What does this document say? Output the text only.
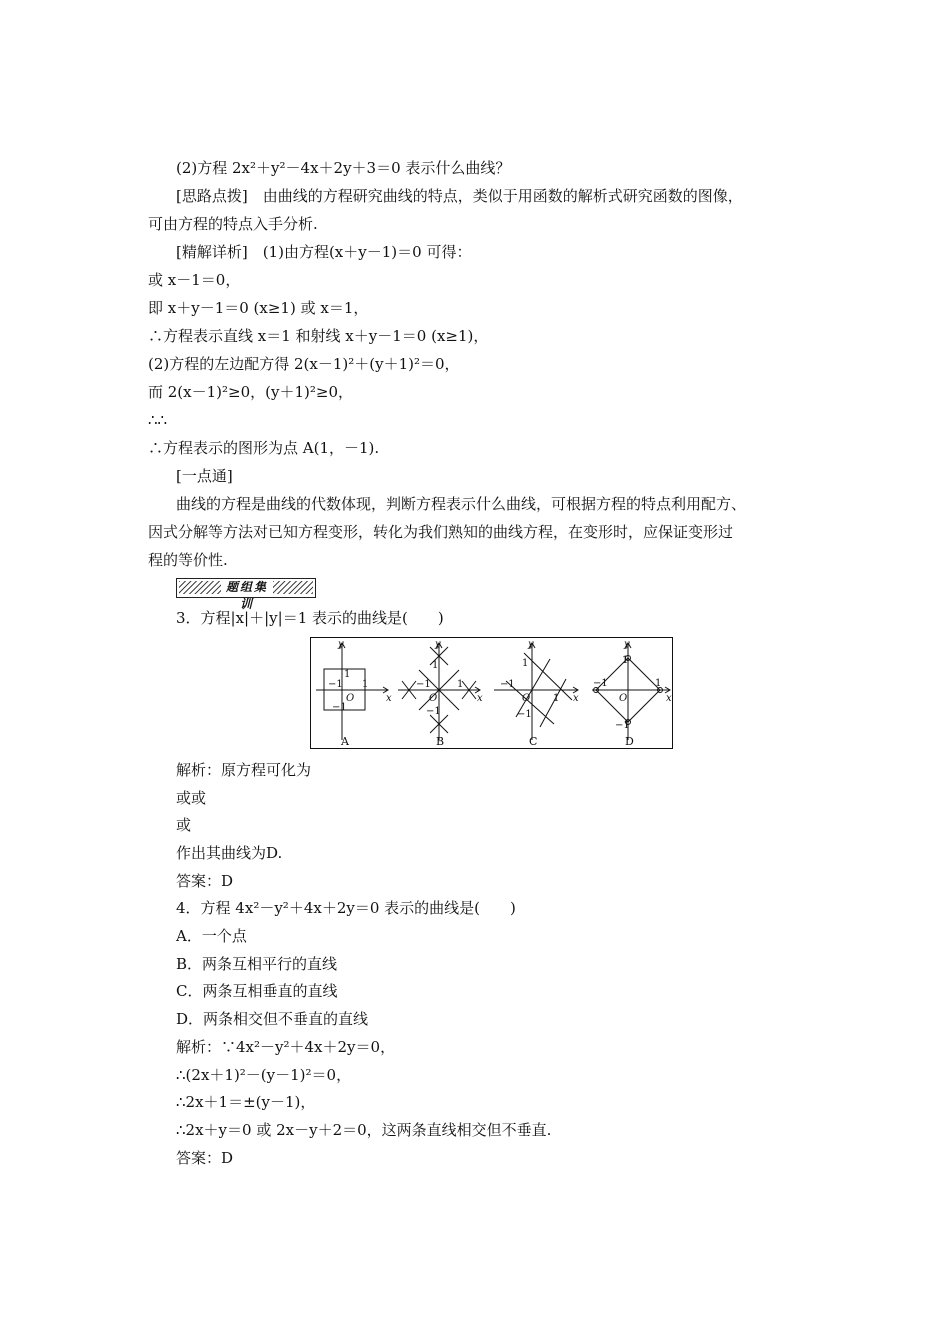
(2)方程 2x²＋y²－4x＋2y＋3＝0 表示什么曲线？
[思路点拨]　由曲线的方程研究曲线的特点，类似于用函数的解析式研究函数的图像，
可由方程的特点入手分析.
[精解详析]　(1)由方程(x＋y－1)＝0 可得：
或 x－1＝0，
即 x＋y－1＝0 (x≥1) 或 x＝1，
∴方程表示直线 x＝1 和射线 x＋y－1＝0 (x≥1)，
(2)方程的左边配方得 2(x－1)²＋(y＋1)²＝0，
而 2(x－1)²≥0，(y＋1)²≥0，
∴∴
∴方程表示的图形为点 A(1，－1).
[一点通]
曲线的方程是曲线的代数体现，判断方程表示什么曲线，可根据方程的特点利用配方、
因式分解等方法对已知方程变形，转化为我们熟知的曲线方程，在变形时，应保证变形过
程的等价性.
题组集训
3．方程|x|＋|y|＝1 表示的曲线是(　　)
y
x
O
y
x
O
y
x
O
y
x
O
1
−1 1
−1
1
−1	1
−1
1
−1
1
−1
1
−1	1
−1
A	B	C	D
解析：原方程可化为
或或
或
作出其曲线为D.
答案：D
4．方程 4x²－y²＋4x＋2y＝0 表示的曲线是(　　)
A．一个点
B．两条互相平行的直线
C．两条互相垂直的直线
D．两条相交但不垂直的直线
解析：∵4x²－y²＋4x＋2y＝0，
∴(2x＋1)²－(y－1)²＝0，
∴2x＋1＝±(y－1)，
∴2x＋y＝0 或 2x－y＋2＝0，这两条直线相交但不垂直.
答案：D
